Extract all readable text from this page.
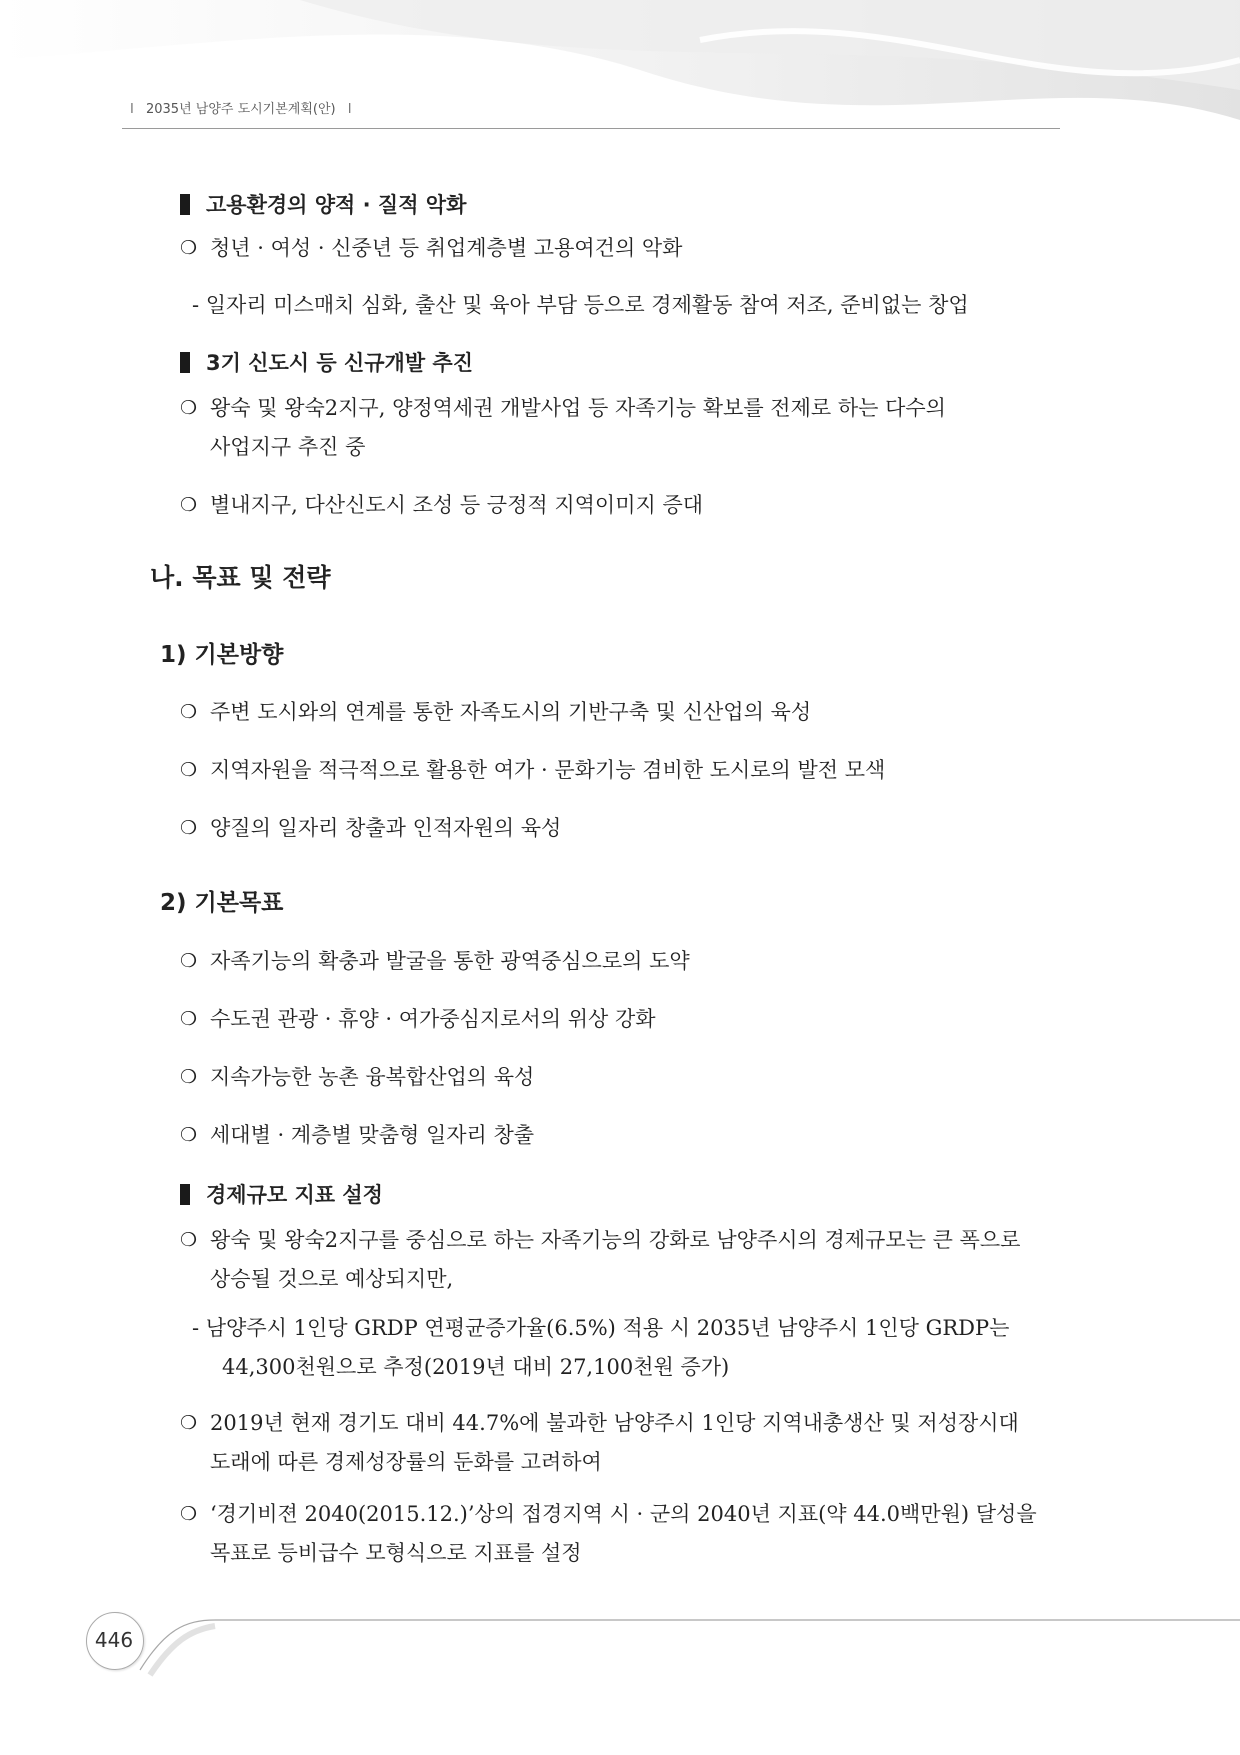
I 2035년 남양주 도시기본계획(안) I
고용환경의 양적 · 질적 악화
❍ 청년 · 여성 · 신중년 등 취업계층별 고용여건의 악화
- 일자리 미스매치 심화, 출산 및 육아 부담 등으로 경제활동 참여 저조, 준비없는 창업
3기 신도시 등 신규개발 추진
❍ 왕숙 및 왕숙2지구, 양정역세권 개발사업 등 자족기능 확보를 전제로 하는 다수의
사업지구 추진 중
❍ 별내지구, 다산신도시 조성 등 긍정적 지역이미지 증대
나. 목표 및 전략
1) 기본방향
❍ 주변 도시와의 연계를 통한 자족도시의 기반구축 및 신산업의 육성
❍ 지역자원을 적극적으로 활용한 여가 · 문화기능 겸비한 도시로의 발전 모색
❍ 양질의 일자리 창출과 인적자원의 육성
2) 기본목표
❍ 자족기능의 확충과 발굴을 통한 광역중심으로의 도약
❍ 수도권 관광 · 휴양 · 여가중심지로서의 위상 강화
❍ 지속가능한 농촌 융복합산업의 육성
❍ 세대별 · 계층별 맞춤형 일자리 창출
경제규모 지표 설정
❍ 왕숙 및 왕숙2지구를 중심으로 하는 자족기능의 강화로 남양주시의 경제규모는 큰 폭으로
상승될 것으로 예상되지만,
- 남양주시 1인당 GRDP 연평균증가율(6.5%) 적용 시 2035년 남양주시 1인당 GRDP는
44,300천원으로 추정(2019년 대비 27,100천원 증가)
❍ 2019년 현재 경기도 대비 44.7%에 불과한 남양주시 1인당 지역내총생산 및 저성장시대
도래에 따른 경제성장률의 둔화를 고려하여
❍ ‘경기비젼 2040(2015.12.)’상의 접경지역 시 · 군의 2040년 지표(약 44.0백만원) 달성을
목표로 등비급수 모형식으로 지표를 설정
446
